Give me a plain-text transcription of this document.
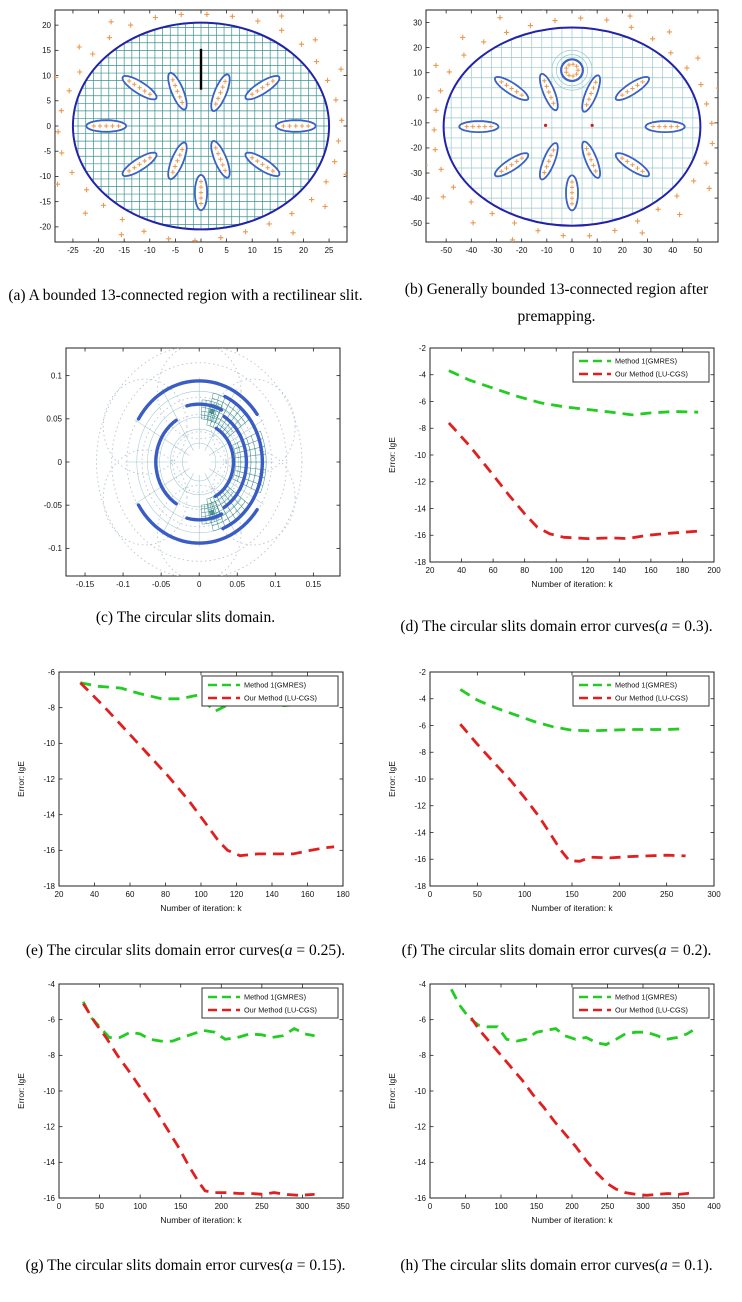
-25 -20 -15 -10 -5 0	5 10 15 20 25
-20
-15
-10
-5
0
5
10
15
20
(a) A bounded 13-connected region with a rectilinear slit.
-50 -40 -30 -20 -10 0 10 20 30 40 50
-50
-40
-30
-20
-10
0
10
20
30
(b) Generally bounded 13-connected region after premapping.
-0.15	-0.1	-0.05	0	0.05	0.1	0.15
-0.1
-0.05
0
0.05
0.1
(c) The circular slits domain.
20	40	60	80	100 120 140 160 180 200
-18
-16
-14
-12
-10
-8
-6
-4
-2
Number of iteration: k
Error: lgE
Method 1(GMRES)
Our Method (LU-CGS)
(d) The circular slits domain error curves(a = 0.3).
20	40	60	80	100	120	140	160	180
-18
-16
-14
-12
-10
-8
-6
Number of iteration: k
Error: lgE
Method 1(GMRES)
Our Method (LU-CGS)
(e) The circular slits domain error curves(a = 0.25).
0	50	100	150	200	250	300
-18
-16
-14
-12
-10
-8
-6
-4
-2
Number of iteration: k
Error: lgE
Method 1(GMRES)
Our Method (LU-CGS)
(f) The circular slits domain error curves(a = 0.2).
0	50	100	150	200	250	300	350
-16
-14
-12
-10
-8
-6
-4
Number of iteration: k
Error: lgE
Method 1(GMRES)
Our Method (LU-CGS)
(g) The circular slits domain error curves(a = 0.15).
0	50	100	150	200	250	300	350	400
-16
-14
-12
-10
-8
-6
-4
Number of iteration: k
Error: lgE
Method 1(GMRES)
Our Method (LU-CGS)
(h) The circular slits domain error curves(a = 0.1).
